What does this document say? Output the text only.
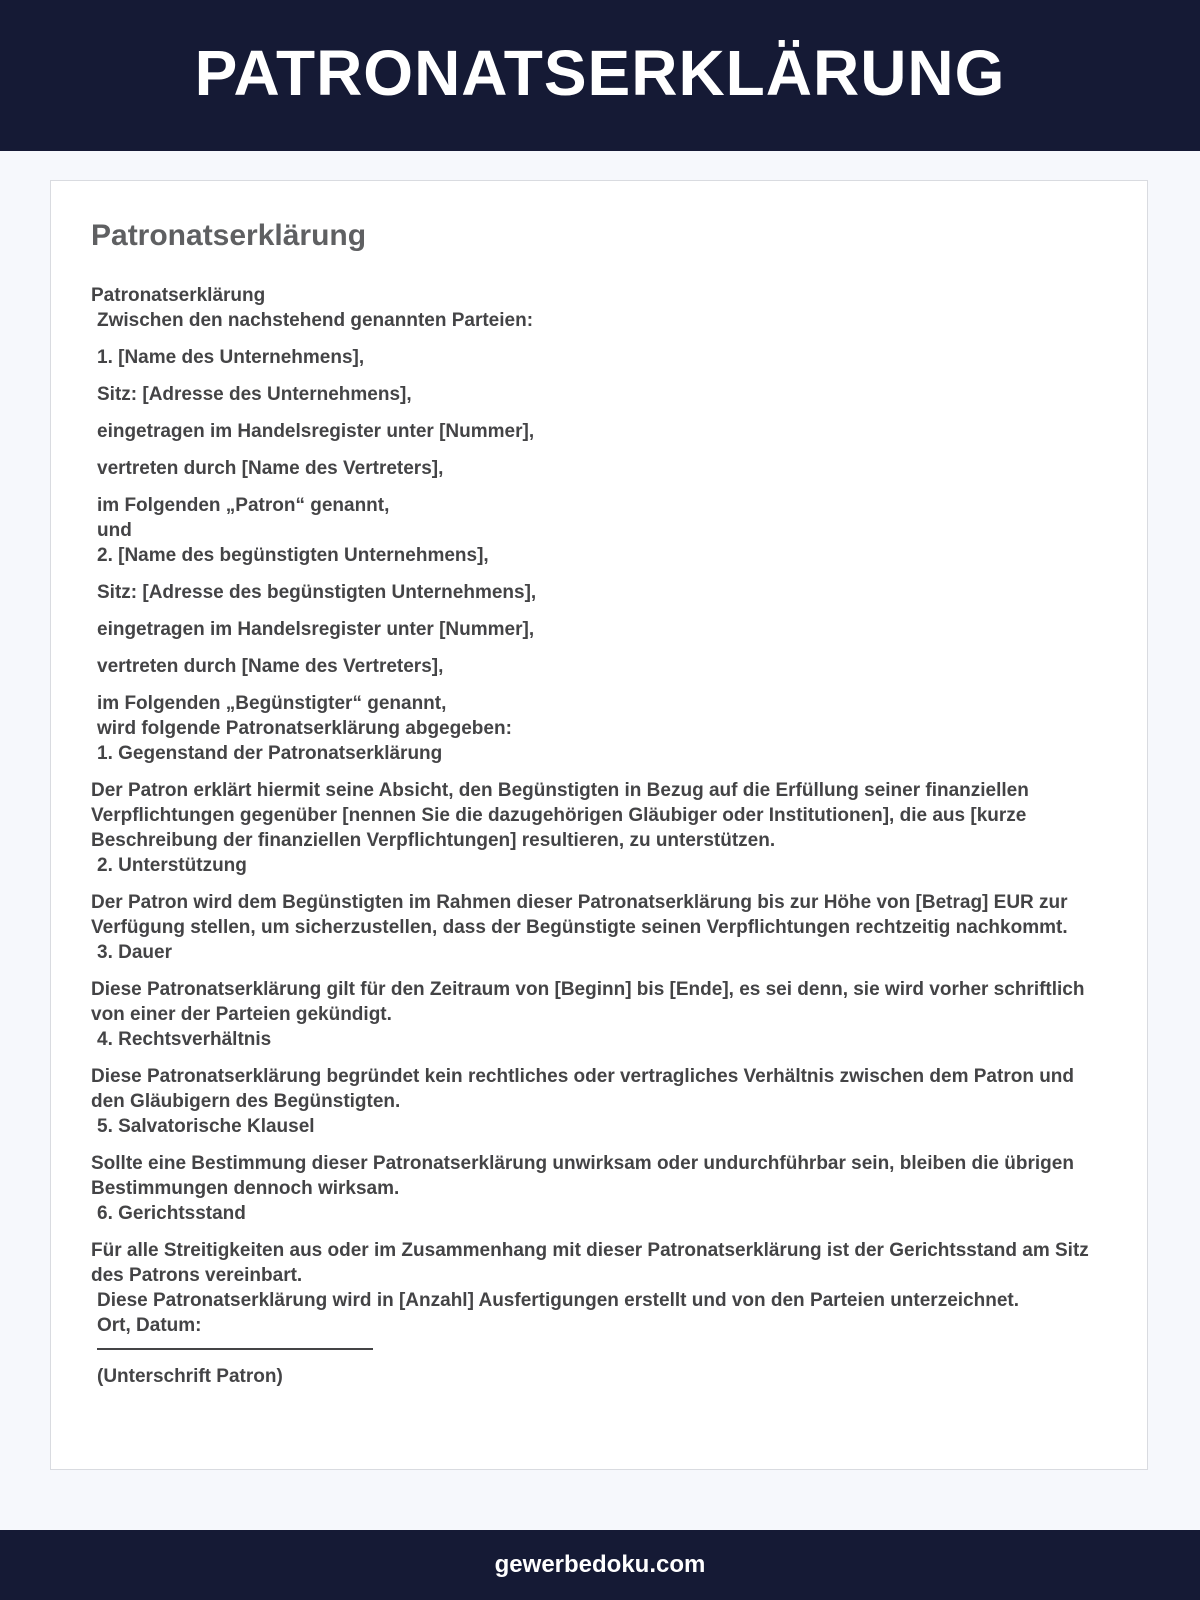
PATRONATSERKLÄRUNG
Patronatserklärung
Patronatserklärung
Zwischen den nachstehend genannten Parteien:
1. [Name des Unternehmens],
Sitz: [Adresse des Unternehmens],
eingetragen im Handelsregister unter [Nummer],
vertreten durch [Name des Vertreters],
im Folgenden „Patron“ genannt,
und
2. [Name des begünstigten Unternehmens],
Sitz: [Adresse des begünstigten Unternehmens],
eingetragen im Handelsregister unter [Nummer],
vertreten durch [Name des Vertreters],
im Folgenden „Begünstigter“ genannt,
wird folgende Patronatserklärung abgegeben:
1. Gegenstand der Patronatserklärung
Der Patron erklärt hiermit seine Absicht, den Begünstigten in Bezug auf die Erfüllung seiner finanziellen Verpflichtungen gegenüber [nennen Sie die dazugehörigen Gläubiger oder Institutionen], die aus [kurze Beschreibung der finanziellen Verpflichtungen] resultieren, zu unterstützen.
2. Unterstützung
Der Patron wird dem Begünstigten im Rahmen dieser Patronatserklärung bis zur Höhe von [Betrag] EUR zur Verfügung stellen, um sicherzustellen, dass der Begünstigte seinen Verpflichtungen rechtzeitig nachkommt.
3. Dauer
Diese Patronatserklärung gilt für den Zeitraum von [Beginn] bis [Ende], es sei denn, sie wird vorher schriftlich von einer der Parteien gekündigt.
4. Rechtsverhältnis
Diese Patronatserklärung begründet kein rechtliches oder vertragliches Verhältnis zwischen dem Patron und den Gläubigern des Begünstigten.
5. Salvatorische Klausel
Sollte eine Bestimmung dieser Patronatserklärung unwirksam oder undurchführbar sein, bleiben die übrigen Bestimmungen dennoch wirksam.
6. Gerichtsstand
Für alle Streitigkeiten aus oder im Zusammenhang mit dieser Patronatserklärung ist der Gerichtsstand am Sitz des Patrons vereinbart.
Diese Patronatserklärung wird in [Anzahl] Ausfertigungen erstellt und von den Parteien unterzeichnet.
Ort, Datum:
(Unterschrift Patron)
gewerbedoku.com
